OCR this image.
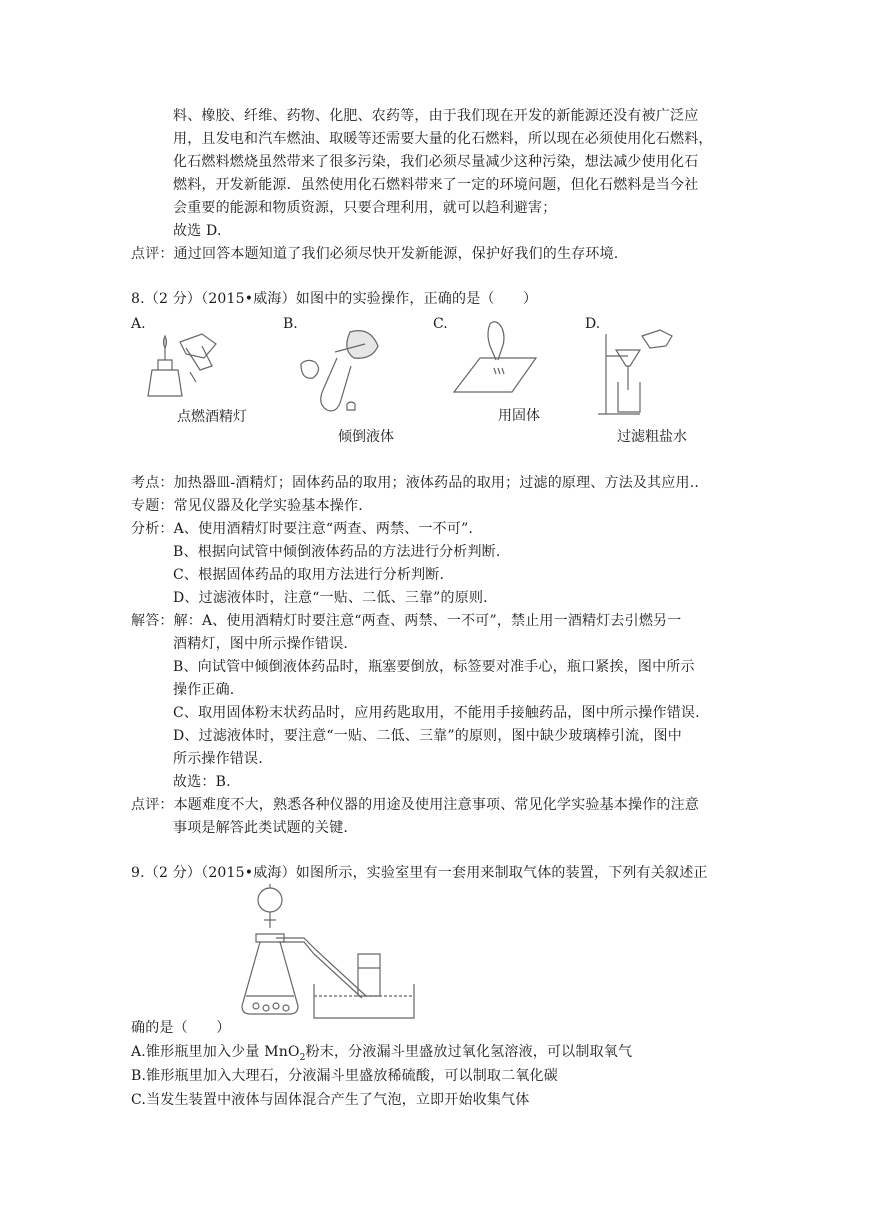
料、橡胶、纤维、药物、化肥、农药等，由于我们现在开发的新能源还没有被广泛应
用，且发电和汽车燃油、取暖等还需要大量的化石燃料，所以现在必须使用化石燃料，
化石燃料燃烧虽然带来了很多污染，我们必须尽量减少这种污染，想法减少使用化石
燃料，开发新能源．虽然使用化石燃料带来了一定的环境问题，但化石燃料是当今社
会重要的能源和物质资源，只要合理利用，就可以趋利避害；
故选 D.
点评：通过回答本题知道了我们必须尽快开发新能源，保护好我们的生存环境.
8.（2 分）（2015•威海）如图中的实验操作，正确的是（　　）
A.	B.	C.	D.
点燃酒精灯
倾倒液体
用固体
过滤粗盐水
考点：加热器皿-酒精灯；固体药品的取用；液体药品的取用；过滤的原理、方法及其应用..
专题：常见仪器及化学实验基本操作.
分析：A、使用酒精灯时要注意“两查、两禁、一不可”.
B、根据向试管中倾倒液体药品的方法进行分析判断.
C、根据固体药品的取用方法进行分析判断.
D、过滤液体时，注意“一贴、二低、三靠”的原则.
解答：解：A、使用酒精灯时要注意“两查、两禁、一不可”，禁止用一酒精灯去引燃另一
酒精灯，图中所示操作错误.
B、向试管中倾倒液体药品时，瓶塞要倒放，标签要对准手心，瓶口紧挨，图中所示
操作正确.
C、取用固体粉末状药品时，应用药匙取用，不能用手接触药品，图中所示操作错误.
D、过滤液体时，要注意“一贴、二低、三靠”的原则，图中缺少玻璃棒引流，图中
所示操作错误.
故选：B.
点评：本题难度不大，熟悉各种仪器的用途及使用注意事项、常见化学实验基本操作的注意
事项是解答此类试题的关键.
9.（2 分）（2015•威海）如图所示，实验室里有一套用来制取气体的装置，下列有关叙述正
确的是（　　）
A.锥形瓶里加入少量 MnO$_2$粉末，分液漏斗里盛放过氧化氢溶液，可以制取氧气
B.锥形瓶里加入大理石，分液漏斗里盛放稀硫酸，可以制取二氧化碳
C.当发生装置中液体与固体混合产生了气泡，立即开始收集气体
